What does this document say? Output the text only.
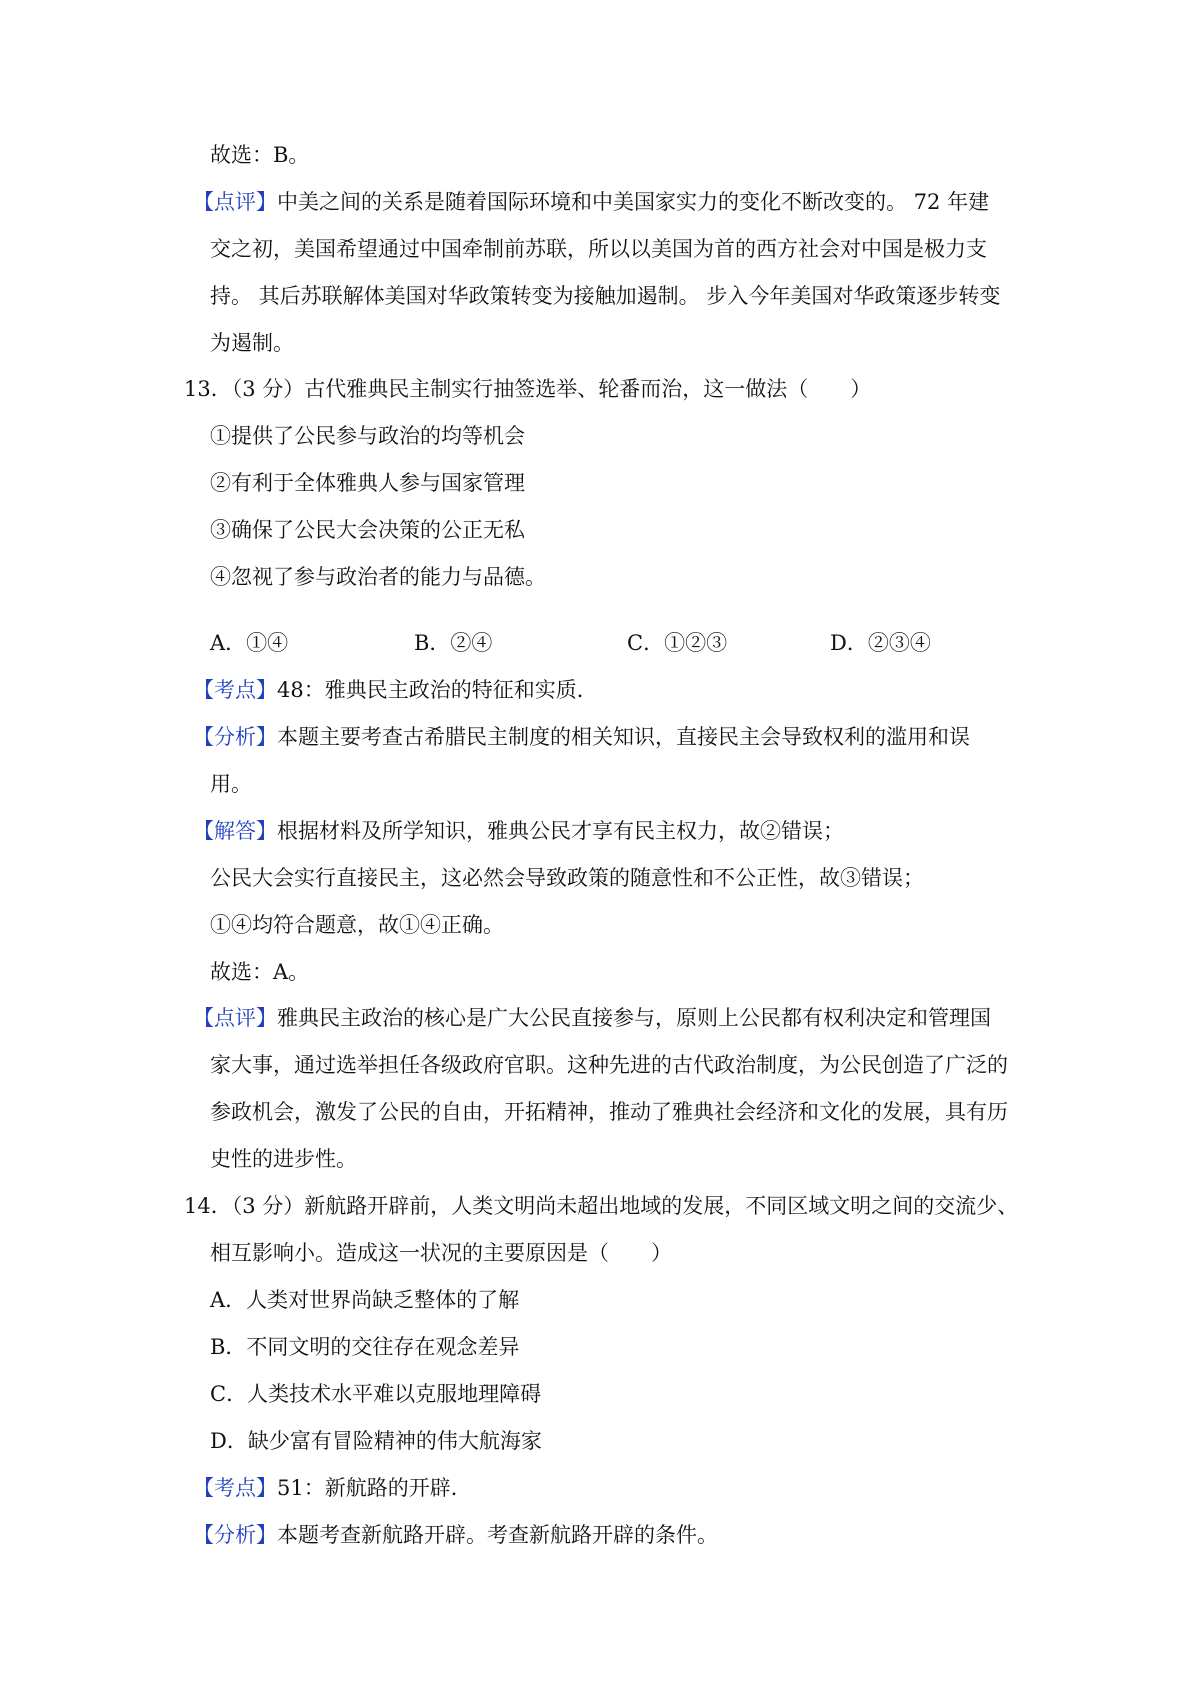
故选：B。
【点评】中美之间的关系是随着国际环境和中美国家实力的变化不断改变的。 72 年建
交之初，美国希望通过中国牵制前苏联，所以以美国为首的西方社会对中国是极力支
持。 其后苏联解体美国对华政策转变为接触加遏制。 步入今年美国对华政策逐步转变
为遏制。
13．（3 分）古代雅典民主制实行抽签选举、轮番而治，这一做法（　　）
①提供了公民参与政治的均等机会
②有利于全体雅典人参与国家管理
③确保了公民大会决策的公正无私
④忽视了参与政治者的能力与品德。
A．①④	B．②④	C．①②③	D．②③④
【考点】48：雅典民主政治的特征和实质．
【分析】本题主要考查古希腊民主制度的相关知识，直接民主会导致权利的滥用和误
用。
【解答】根据材料及所学知识，雅典公民才享有民主权力，故②错误；
公民大会实行直接民主，这必然会导致政策的随意性和不公正性，故③错误；
①④均符合题意，故①④正确。
故选：A。
【点评】雅典民主政治的核心是广大公民直接参与，原则上公民都有权利决定和管理国
家大事，通过选举担任各级政府官职。这种先进的古代政治制度，为公民创造了广泛的
参政机会，激发了公民的自由，开拓精神，推动了雅典社会经济和文化的发展，具有历
史性的进步性。
14．（3 分）新航路开辟前，人类文明尚未超出地域的发展，不同区域文明之间的交流少、
相互影响小。造成这一状况的主要原因是（　　）
A．人类对世界尚缺乏整体的了解
B．不同文明的交往存在观念差异
C．人类技术水平难以克服地理障碍
D．缺少富有冒险精神的伟大航海家
【考点】51：新航路的开辟．
【分析】本题考查新航路开辟。考查新航路开辟的条件。
